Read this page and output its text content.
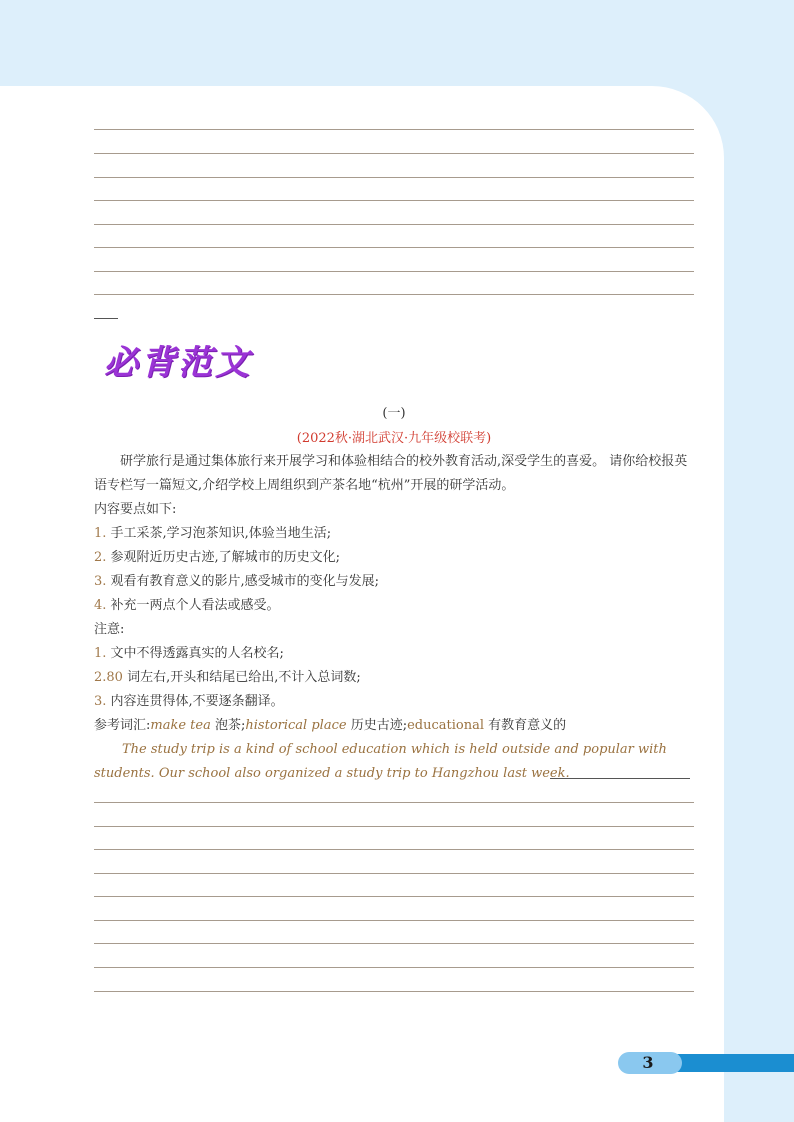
必背范文
(一)
(2022秋·湖北武汉·九年级校联考)
研学旅行是通过集体旅行来开展学习和体验相结合的校外教育活动,深受学生的喜爱。 请你给校报英语专栏写一篇短文,介绍学校上周组织到产茶名地“杭州”开展的研学活动。
内容要点如下:
1. 手工采茶,学习泡茶知识,体验当地生活;
2. 参观附近历史古迹,了解城市的历史文化;
3. 观看有教育意义的影片,感受城市的变化与发展;
4. 补充一两点个人看法或感受。
注意:
1. 文中不得透露真实的人名校名;
2.80 词左右,开头和结尾已给出,不计入总词数;
3. 内容连贯得体,不要逐条翻译。
参考词汇:make tea 泡茶;historical place 历史古迹;educational 有教育意义的
The study trip is a kind of school education which is held outside and popular with
students. Our school also organized a study trip to Hangzhou last week.
3
